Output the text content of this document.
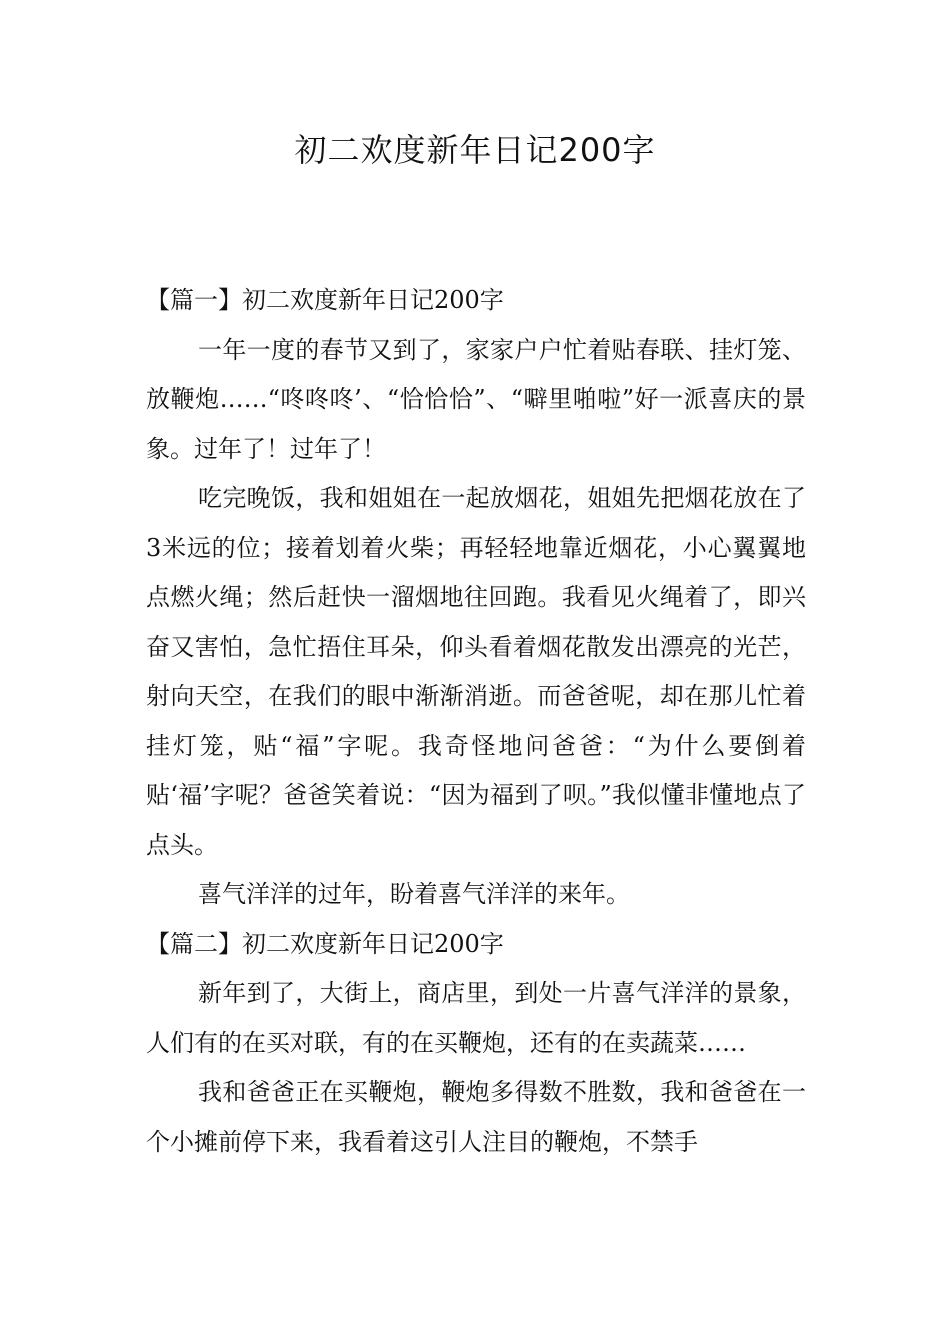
初二欢度新年日记200字

【篇一】初二欢度新年日记200字

一年一度的春节又到了，家家户户忙着贴春联、挂灯笼、放鞭炮……“咚咚咚’、“恰恰恰”、“噼里啪啦”好一派喜庆的景象。过年了！过年了！

吃完晚饭，我和姐姐在一起放烟花，姐姐先把烟花放在了3米远的位；接着划着火柴；再轻轻地靠近烟花，小心翼翼地点燃火绳；然后赶快一溜烟地往回跑。我看见火绳着了，即兴奋又害怕，急忙捂住耳朵，仰头看着烟花散发出漂亮的光芒，射向天空，在我们的眼中渐渐消逝。而爸爸呢，却在那儿忙着挂灯笼，贴“福”字呢。我奇怪地问爸爸：“为什么要倒着贴‘福’字呢？爸爸笑着说：“因为福到了呗。”我似懂非懂地点了点头。

喜气洋洋的过年，盼着喜气洋洋的来年。

【篇二】初二欢度新年日记200字

新年到了，大街上，商店里，到处一片喜气洋洋的景象，人们有的在买对联，有的在买鞭炮，还有的在卖蔬菜……

我和爸爸正在买鞭炮，鞭炮多得数不胜数，我和爸爸在一个小摊前停下来，我看着这引人注目的鞭炮，不禁手
